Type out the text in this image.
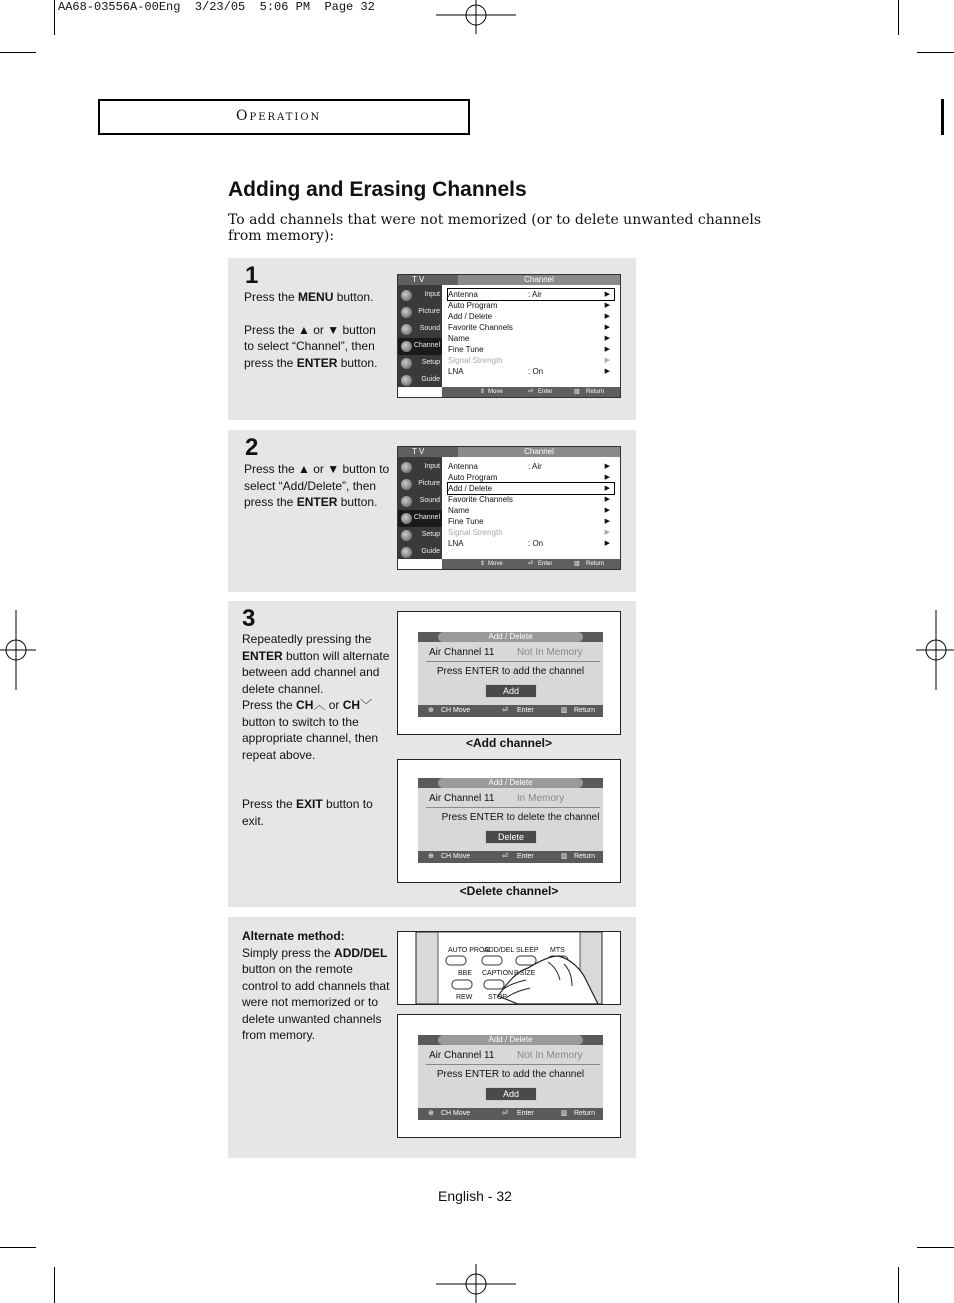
AA68-03556A-00Eng  3/23/05  5:06 PM  Page 32
Operation
Adding and Erasing Channels
To add channels that were not memorized (or to delete unwanted channels from memory):
1
Press the MENU button.
Press the ▲ or ▼ button
to select “Channel”, then
press the ENTER button.
T V	Channel
Input
Picture
Sound
Channel
Setup
Guide
Antenna	: Air	▶
Auto Program	▶
Add / Delete	▶
Favorite Channels	▶
Name	▶
Fine Tune	▶
Signal Strength	▶
LNA	: On	▶
⇕ Move	⏎ Enter	▥ Return
2
Press the ▲ or ▼ button to
select “Add/Delete”, then
press the ENTER button.
T V	Channel
Input
Picture
Sound
Channel
Setup
Guide
Antenna	: Air	▶
Auto Program	▶
Add / Delete	▶
Favorite Channels	▶
Name	▶
Fine Tune	▶
Signal Strength	▶
LNA	: On	▶
⇕ Move	⏎ Enter	▥ Return
3
Repeatedly pressing the
ENTER button will alternate
between add channel and
delete channel.
Press the CH︿ or CH﹀
button to switch to the
appropriate channel, then
repeat above.
Press the EXIT button to
exit.
Add / Delete
Air Channel 11 Not In Memory
Press ENTER to add the channel
Add
⊕ CH Move	⏎ Enter	▥ Return
<Add channel>
Add / Delete
Air Channel 11 In Memory
Press ENTER to delete the channel
Delete
⊕ CH Move	⏎ Enter	▥ Return
<Delete channel>
Alternate method:
Simply press the ADD/DEL
button on the remote
control to add channels that
were not memorized or to
delete unwanted channels
from memory.
AUTO PROG
ADD/DEL SLEEP MTS
BBE CAPTION P.SIZE
REW STOP
Add / Delete
Air Channel 11 Not In Memory
Press ENTER to add the channel
Add
⊕ CH Move	⏎ Enter	▥ Return
English - 32
